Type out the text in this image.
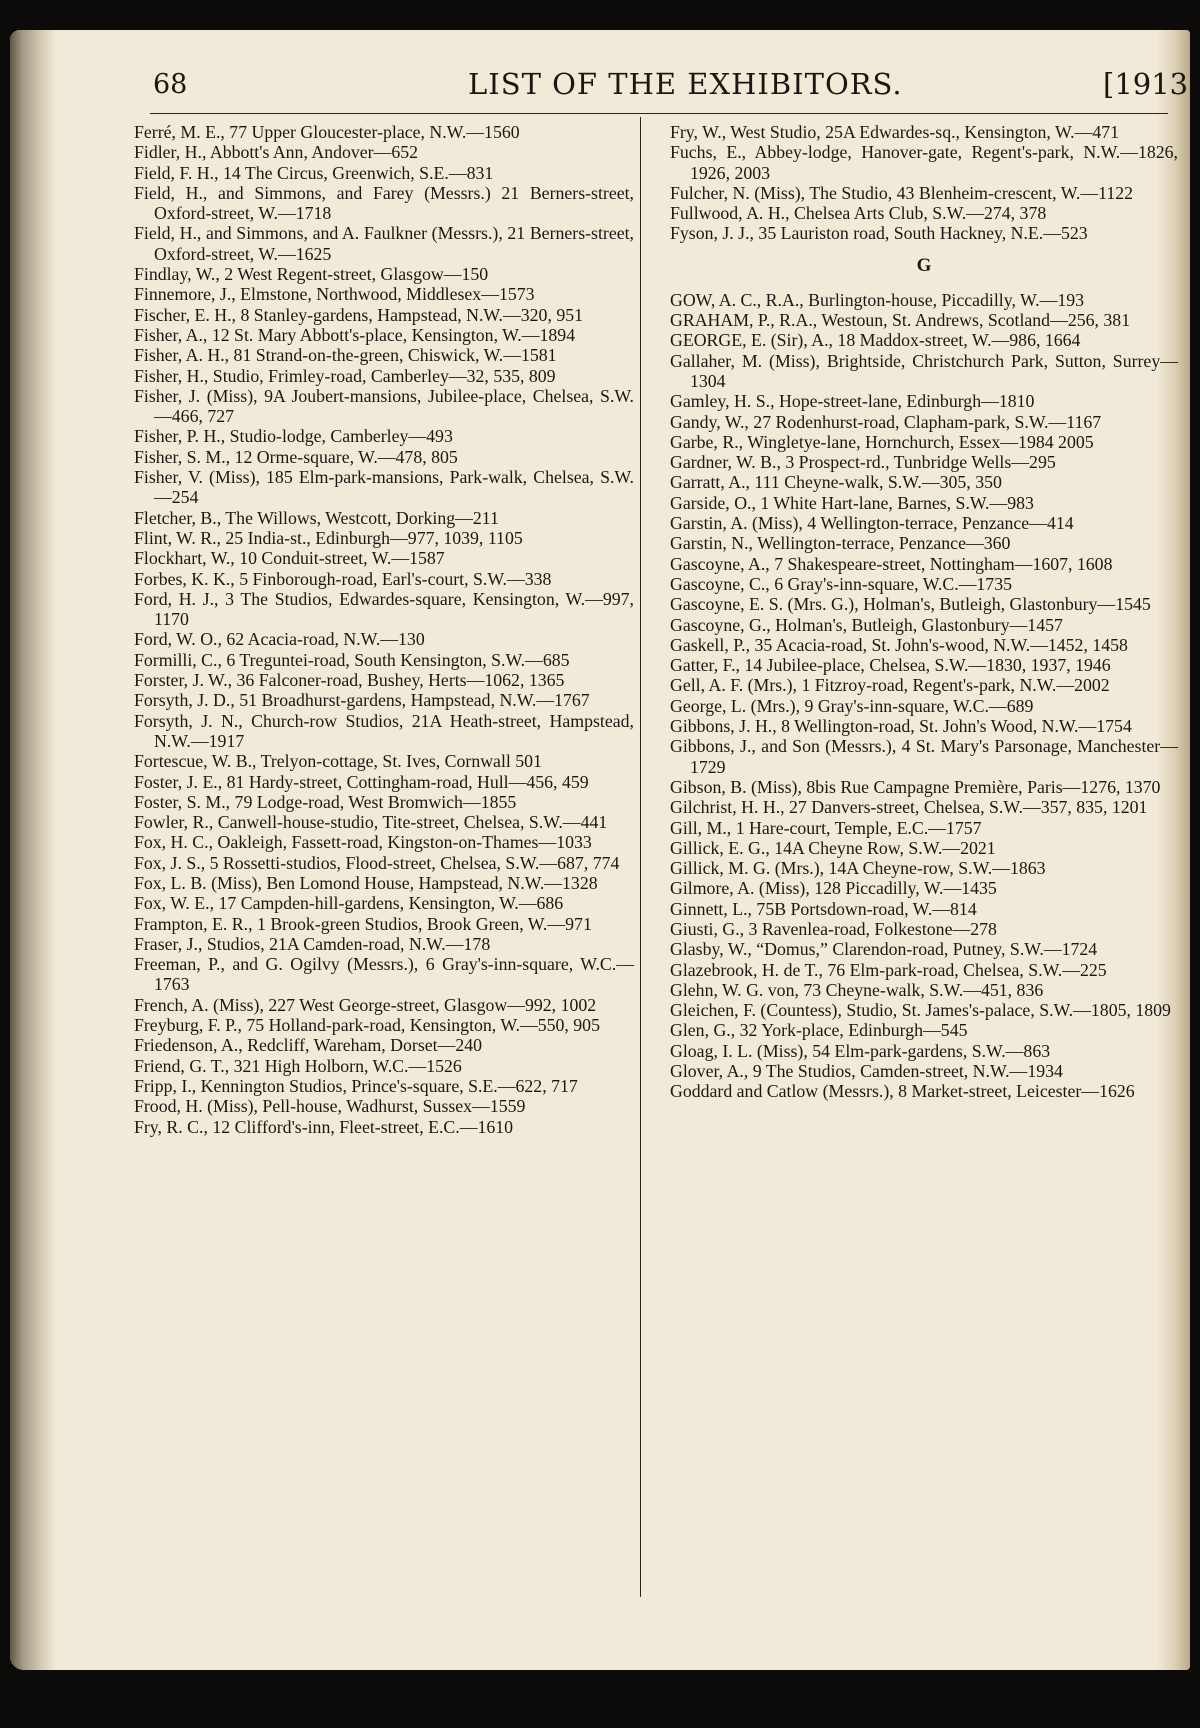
68	LIST OF THE EXHIBITORS.	[1913
Ferré, M. E., 77 Upper Gloucester-place, N.W.—1560
Fidler, H., Abbott's Ann, Andover—652
Field, F. H., 14 The Circus, Greenwich, S.E.—831
Field, H., and Simmons, and Farey (Messrs.) 21 Berners-street, Oxford-street, W.—1718
Field, H., and Simmons, and A. Faulkner (Messrs.), 21 Berners-street, Oxford-street, W.—1625
Findlay, W., 2 West Regent-street, Glasgow—150
Finnemore, J., Elmstone, Northwood, Middlesex—1573
Fischer, E. H., 8 Stanley-gardens, Hampstead, N.W.—320, 951
Fisher, A., 12 St. Mary Abbott's-place, Kensington, W.—1894
Fisher, A. H., 81 Strand-on-the-green, Chiswick, W.—1581
Fisher, H., Studio, Frimley-road, Camberley—32, 535, 809
Fisher, J. (Miss), 9A Joubert-mansions, Jubilee-place, Chelsea, S.W.—466, 727
Fisher, P. H., Studio-lodge, Camberley—493
Fisher, S. M., 12 Orme-square, W.—478, 805
Fisher, V. (Miss), 185 Elm-park-mansions, Park-walk, Chelsea, S.W.—254
Fletcher, B., The Willows, Westcott, Dorking—211
Flint, W. R., 25 India-st., Edinburgh—977, 1039, 1105
Flockhart, W., 10 Conduit-street, W.—1587
Forbes, K. K., 5 Finborough-road, Earl's-court, S.W.—338
Ford, H. J., 3 The Studios, Edwardes-square, Kensington, W.—997, 1170
Ford, W. O., 62 Acacia-road, N.W.—130
Formilli, C., 6 Treguntei-road, South Kensington, S.W.—685
Forster, J. W., 36 Falconer-road, Bushey, Herts—1062, 1365
Forsyth, J. D., 51 Broadhurst-gardens, Hampstead, N.W.—1767
Forsyth, J. N., Church-row Studios, 21A Heath-street, Hampstead, N.W.—1917
Fortescue, W. B., Trelyon-cottage, St. Ives, Cornwall 501
Foster, J. E., 81 Hardy-street, Cottingham-road, Hull—456, 459
Foster, S. M., 79 Lodge-road, West Bromwich—1855
Fowler, R., Canwell-house-studio, Tite-street, Chelsea, S.W.—441
Fox, H. C., Oakleigh, Fassett-road, Kingston-on-Thames—1033
Fox, J. S., 5 Rossetti-studios, Flood-street, Chelsea, S.W.—687, 774
Fox, L. B. (Miss), Ben Lomond House, Hampstead, N.W.—1328
Fox, W. E., 17 Campden-hill-gardens, Kensington, W.—686
Frampton, E. R., 1 Brook-green Studios, Brook Green, W.—971
Fraser, J., Studios, 21A Camden-road, N.W.—178
Freeman, P., and G. Ogilvy (Messrs.), 6 Gray's-inn-square, W.C.—1763
French, A. (Miss), 227 West George-street, Glasgow—992, 1002
Freyburg, F. P., 75 Holland-park-road, Kensington, W.—550, 905
Friedenson, A., Redcliff, Wareham, Dorset—240
Friend, G. T., 321 High Holborn, W.C.—1526
Fripp, I., Kennington Studios, Prince's-square, S.E.—622, 717
Frood, H. (Miss), Pell-house, Wadhurst, Sussex—1559
Fry, R. C., 12 Clifford's-inn, Fleet-street, E.C.—1610
Fry, W., West Studio, 25A Edwardes-sq., Kensington, W.—471
Fuchs, E., Abbey-lodge, Hanover-gate, Regent's-park, N.W.—1826, 1926, 2003
Fulcher, N. (Miss), The Studio, 43 Blenheim-crescent, W.—1122
Fullwood, A. H., Chelsea Arts Club, S.W.—274, 378
Fyson, J. J., 35 Lauriston road, South Hackney, N.E.—523
G
GOW, A. C., R.A., Burlington-house, Piccadilly, W.—193
GRAHAM, P., R.A., Westoun, St. Andrews, Scotland—256, 381
GEORGE, E. (Sir), A., 18 Maddox-street, W.—986, 1664
Gallaher, M. (Miss), Brightside, Christchurch Park, Sutton, Surrey—1304
Gamley, H. S., Hope-street-lane, Edinburgh—1810
Gandy, W., 27 Rodenhurst-road, Clapham-park, S.W.—1167
Garbe, R., Wingletye-lane, Hornchurch, Essex—1984 2005
Gardner, W. B., 3 Prospect-rd., Tunbridge Wells—295
Garratt, A., 111 Cheyne-walk, S.W.—305, 350
Garside, O., 1 White Hart-lane, Barnes, S.W.—983
Garstin, A. (Miss), 4 Wellington-terrace, Penzance—414
Garstin, N., Wellington-terrace, Penzance—360
Gascoyne, A., 7 Shakespeare-street, Nottingham—1607, 1608
Gascoyne, C., 6 Gray's-inn-square, W.C.—1735
Gascoyne, E. S. (Mrs. G.), Holman's, Butleigh, Glastonbury—1545
Gascoyne, G., Holman's, Butleigh, Glastonbury—1457
Gaskell, P., 35 Acacia-road, St. John's-wood, N.W.—1452, 1458
Gatter, F., 14 Jubilee-place, Chelsea, S.W.—1830, 1937, 1946
Gell, A. F. (Mrs.), 1 Fitzroy-road, Regent's-park, N.W.—2002
George, L. (Mrs.), 9 Gray's-inn-square, W.C.—689
Gibbons, J. H., 8 Wellington-road, St. John's Wood, N.W.—1754
Gibbons, J., and Son (Messrs.), 4 St. Mary's Parsonage, Manchester—1729
Gibson, B. (Miss), 8bis Rue Campagne Première, Paris—1276, 1370
Gilchrist, H. H., 27 Danvers-street, Chelsea, S.W.—357, 835, 1201
Gill, M., 1 Hare-court, Temple, E.C.—1757
Gillick, E. G., 14A Cheyne Row, S.W.—2021
Gillick, M. G. (Mrs.), 14A Cheyne-row, S.W.—1863
Gilmore, A. (Miss), 128 Piccadilly, W.—1435
Ginnett, L., 75B Portsdown-road, W.—814
Giusti, G., 3 Ravenlea-road, Folkestone—278
Glasby, W., “Domus,” Clarendon-road, Putney, S.W.—1724
Glazebrook, H. de T., 76 Elm-park-road, Chelsea, S.W.—225
Glehn, W. G. von, 73 Cheyne-walk, S.W.—451, 836
Gleichen, F. (Countess), Studio, St. James's-palace, S.W.—1805, 1809
Glen, G., 32 York-place, Edinburgh—545
Gloag, I. L. (Miss), 54 Elm-park-gardens, S.W.—863
Glover, A., 9 The Studios, Camden-street, N.W.—1934
Goddard and Catlow (Messrs.), 8 Market-street, Leicester—1626
